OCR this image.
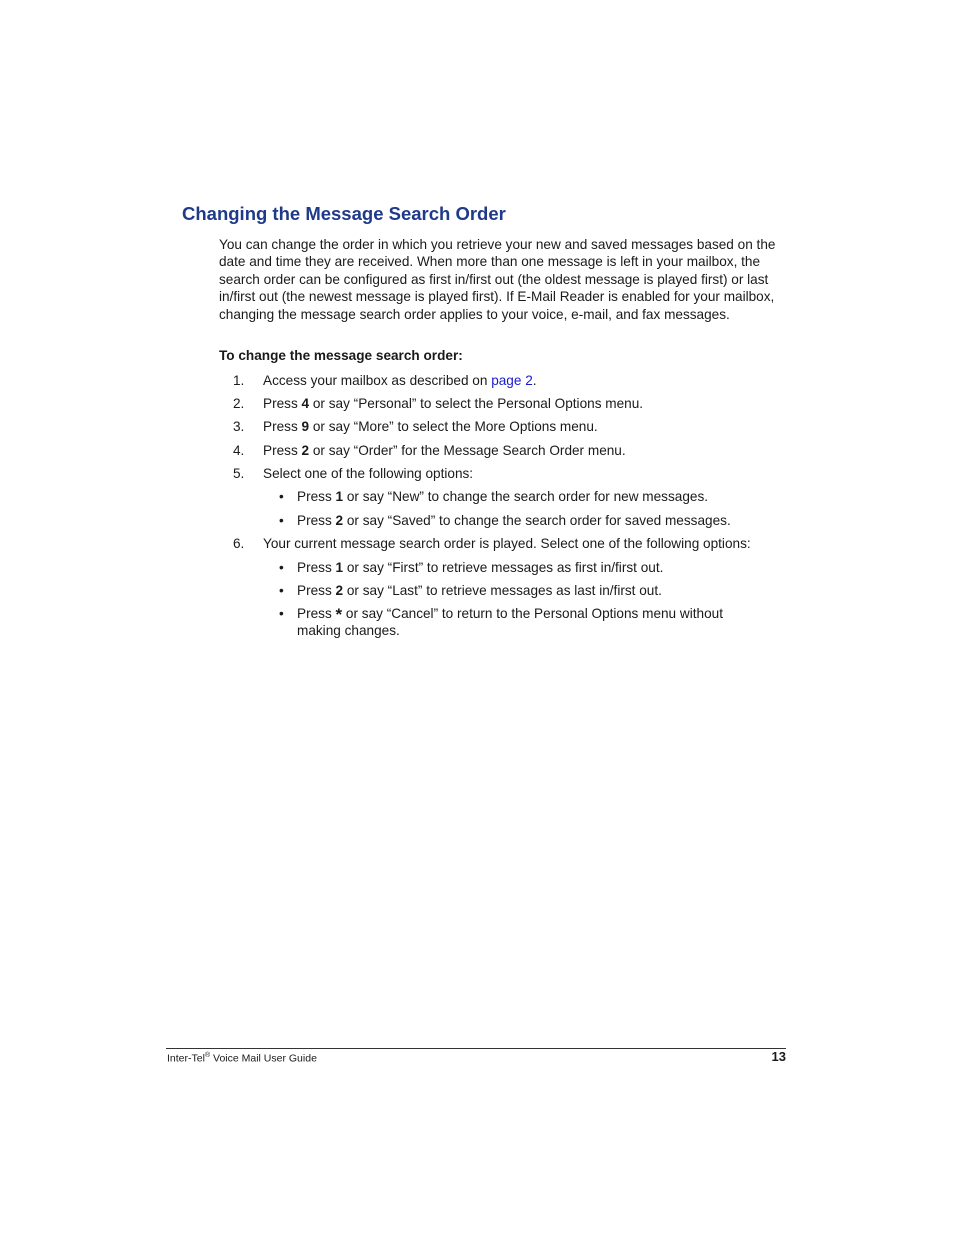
Changing the Message Search Order

You can change the order in which you retrieve your new and saved messages based on the date and time they are received. When more than one message is left in your mailbox, the search order can be configured as first in/first out (the oldest message is played first) or last in/first out (the newest message is played first). If E-Mail Reader is enabled for your mailbox, changing the message search order applies to your voice, e-mail, and fax messages.

To change the message search order:

1. Access your mailbox as described on page 2.
2. Press 4 or say “Personal” to select the Personal Options menu.
3. Press 9 or say “More” to select the More Options menu.
4. Press 2 or say “Order” for the Message Search Order menu.
5. Select one of the following options:
• Press 1 or say “New” to change the search order for new messages.
• Press 2 or say “Saved” to change the search order for saved messages.
6. Your current message search order is played. Select one of the following options:
• Press 1 or say “First” to retrieve messages as first in/first out.
• Press 2 or say “Last” to retrieve messages as last in/first out.
• Press * or say “Cancel” to return to the Personal Options menu without making changes.
Inter-Tel® Voice Mail User Guide	13
